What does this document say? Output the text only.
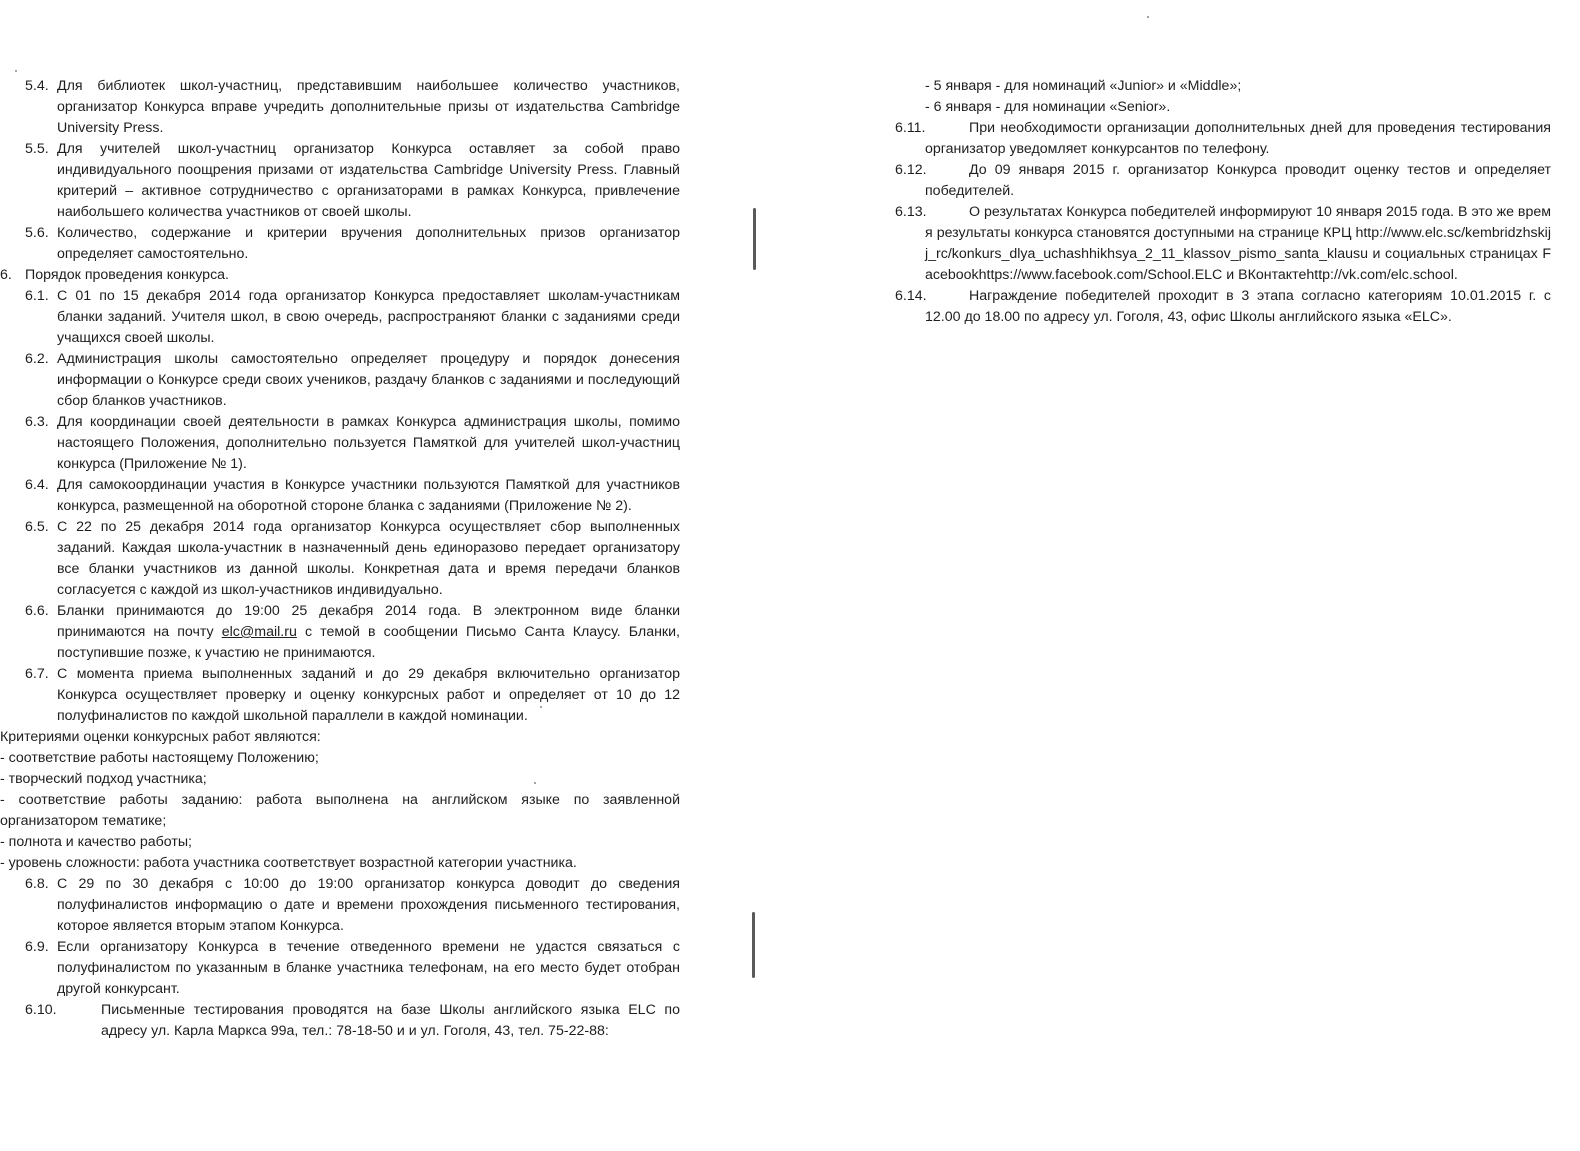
5.4. Для библиотек школ-участниц, представившим наибольшее количество участников, организатор Конкурса вправе учредить дополнительные призы от издательства Cambridge University Press.
5.5. Для учителей школ-участниц организатор Конкурса оставляет за собой право индивидуального поощрения призами от издательства Cambridge University Press. Главный критерий – активное сотрудничество с организаторами в рамках Конкурса, привлечение наибольшего количества участников от своей школы.
5.6. Количество, содержание и критерии вручения дополнительных призов организатор определяет самостоятельно.
6. Порядок проведения конкурса.
6.1. С 01 по 15 декабря 2014 года организатор Конкурса предоставляет школам-участникам бланки заданий. Учителя школ, в свою очередь, распространяют бланки с заданиями среди учащихся своей школы.
6.2. Администрация школы самостоятельно определяет процедуру и порядок донесения информации о Конкурсе среди своих учеников, раздачу бланков с заданиями и последующий сбор бланков участников.
6.3. Для координации своей деятельности в рамках Конкурса администрация школы, помимо настоящего Положения, дополнительно пользуется Памяткой для учителей школ-участниц конкурса (Приложение № 1).
6.4. Для самокоординации участия в Конкурсе участники пользуются Памяткой для участников конкурса, размещенной на оборотной стороне бланка с заданиями (Приложение № 2).
6.5. С 22 по 25 декабря 2014 года организатор Конкурса осуществляет сбор выполненных заданий. Каждая школа-участник в назначенный день единоразово передает организатору все бланки участников из данной школы. Конкретная дата и время передачи бланков согласуется с каждой из школ-участников индивидуально.
6.6. Бланки принимаются до 19:00 25 декабря 2014 года. В электронном виде бланки принимаются на почту elc@mail.ru с темой в сообщении Письмо Санта Клаусу. Бланки, поступившие позже, к участию не принимаются.
6.7. С момента приема выполненных заданий и до 29 декабря включительно организатор Конкурса осуществляет проверку и оценку конкурсных работ и определяет от 10 до 12 полуфиналистов по каждой школьной параллели в каждой номинации.
Критериями оценки конкурсных работ являются:
- соответствие работы настоящему Положению;
- творческий подход участника;
- соответствие работы заданию: работа выполнена на английском языке по заявленной организатором тематике;
- полнота и качество работы;
- уровень сложности: работа участника соответствует возрастной категории участника.
6.8. С 29 по 30 декабря с 10:00 до 19:00 организатор конкурса доводит до сведения полуфиналистов информацию о дате и времени прохождения письменного тестирования, которое является вторым этапом Конкурса.
6.9. Если организатору Конкурса в течение отведенного времени не удастся связаться с полуфиналистом по указанным в бланке участника телефонам, на его место будет отобран другой конкурсант.
6.10.	Письменные тестирования проводятся на базе Школы английского языка ELC по адресу ул. Карла Маркса 99а, тел.: 78-18-50 и и ул. Гоголя, 43, тел. 75-22-88:
- 5 января - для номинаций «Junior» и «Middle»;
- 6 января - для номинации «Senior».
6.11.	При необходимости организации дополнительных дней для проведения тестирования организатор уведомляет конкурсантов по телефону.
6.12.	До 09 января 2015 г. организатор Конкурса проводит оценку тестов и определяет победителей.
6.13.	О результатах Конкурса победителей информируют 10 января 2015 года. В это же время результаты конкурса становятся доступными на странице КРЦ http://www.elc.sc/kembridzhskijj_rc/konkurs_dlya_uchashhikhsya_2_11_klassov_pismo_santa_klausu и социальных страницах Facebookhttps://www.facebook.com/School.ELC и ВКонтактеhttp://vk.com/elc.school.
6.14.	Награждение победителей проходит в 3 этапа согласно категориям 10.01.2015 г. с 12.00 до 18.00 по адресу ул. Гоголя, 43, офис Школы английского языка «ELC».
